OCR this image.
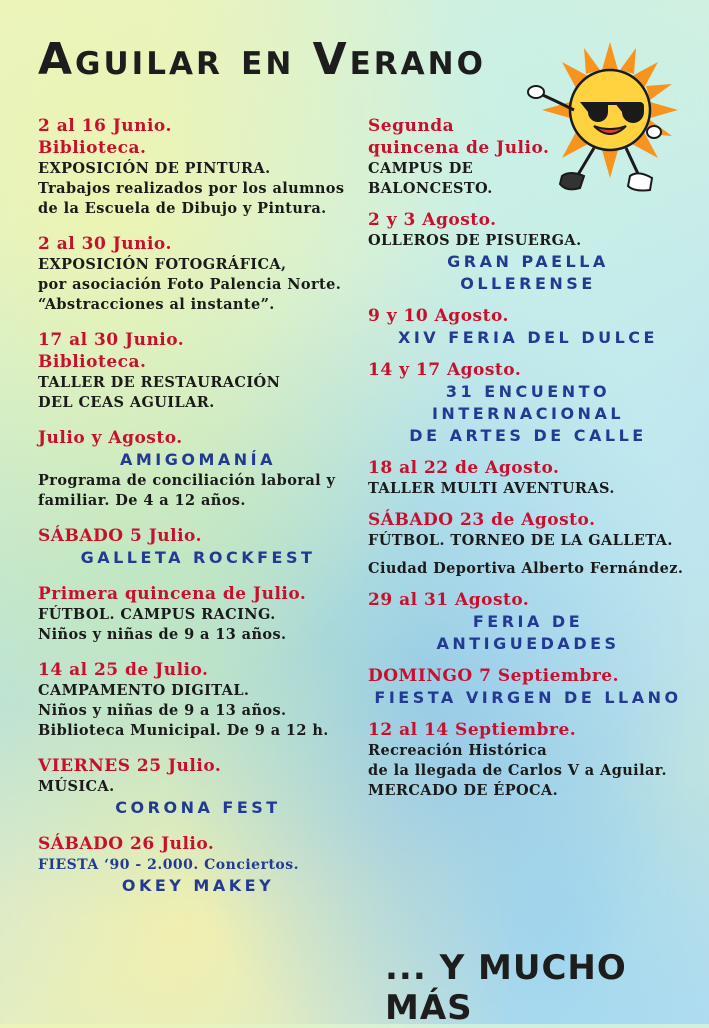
Aguilar en Verano
2 al 16 Junio.
Biblioteca.
EXPOSICIÓN DE PINTURA.
Trabajos realizados por los alumnos
de la Escuela de Dibujo y Pintura.
2 al 30 Junio.
EXPOSICIÓN FOTOGRÁFICA,
por asociación Foto Palencia Norte.
“Abstracciones al instante”.
17 al 30 Junio.
Biblioteca.
TALLER DE RESTAURACIÓN
DEL CEAS AGUILAR.
Julio y Agosto.
AMIGOMANÍA
Programa de conciliación laboral y
familiar. De 4 a 12 años.
SÁBADO 5 Julio.
GALLETA ROCKFEST
Primera quincena de Julio.
FÚTBOL. CAMPUS RACING.
Niños y niñas de 9 a 13 años.
14 al 25 de Julio.
CAMPAMENTO DIGITAL.
Niños y niñas de 9 a 13 años.
Biblioteca Municipal. De 9 a 12 h.
VIERNES 25 Julio.
MÚSICA.
CORONA FEST
SÁBADO 26 Julio.
FIESTA ‘90 - 2.000. Conciertos.
OKEY MAKEY
Segunda
quincena de Julio.
CAMPUS DE
BALONCESTO.
2 y 3 Agosto.
OLLEROS DE PISUERGA.
GRAN PAELLA
OLLERENSE
9 y 10 Agosto.
XIV FERIA DEL DULCE
14 y 17 Agosto.
31 ENCUENTO
INTERNACIONAL
DE ARTES DE CALLE
18 al 22 de Agosto.
TALLER MULTI AVENTURAS.
SÁBADO 23 de Agosto.
FÚTBOL. TORNEO DE LA GALLETA.
Ciudad Deportiva Alberto Fernández.
29 al 31 Agosto.
FERIA DE
ANTIGUEDADES
DOMINGO 7 Septiembre.
FIESTA VIRGEN DE LLANO
12 al 14 Septiembre.
Recreación Histórica
de la llegada de Carlos V a Aguilar.
MERCADO DE ÉPOCA.
... Y MUCHO MÁS
